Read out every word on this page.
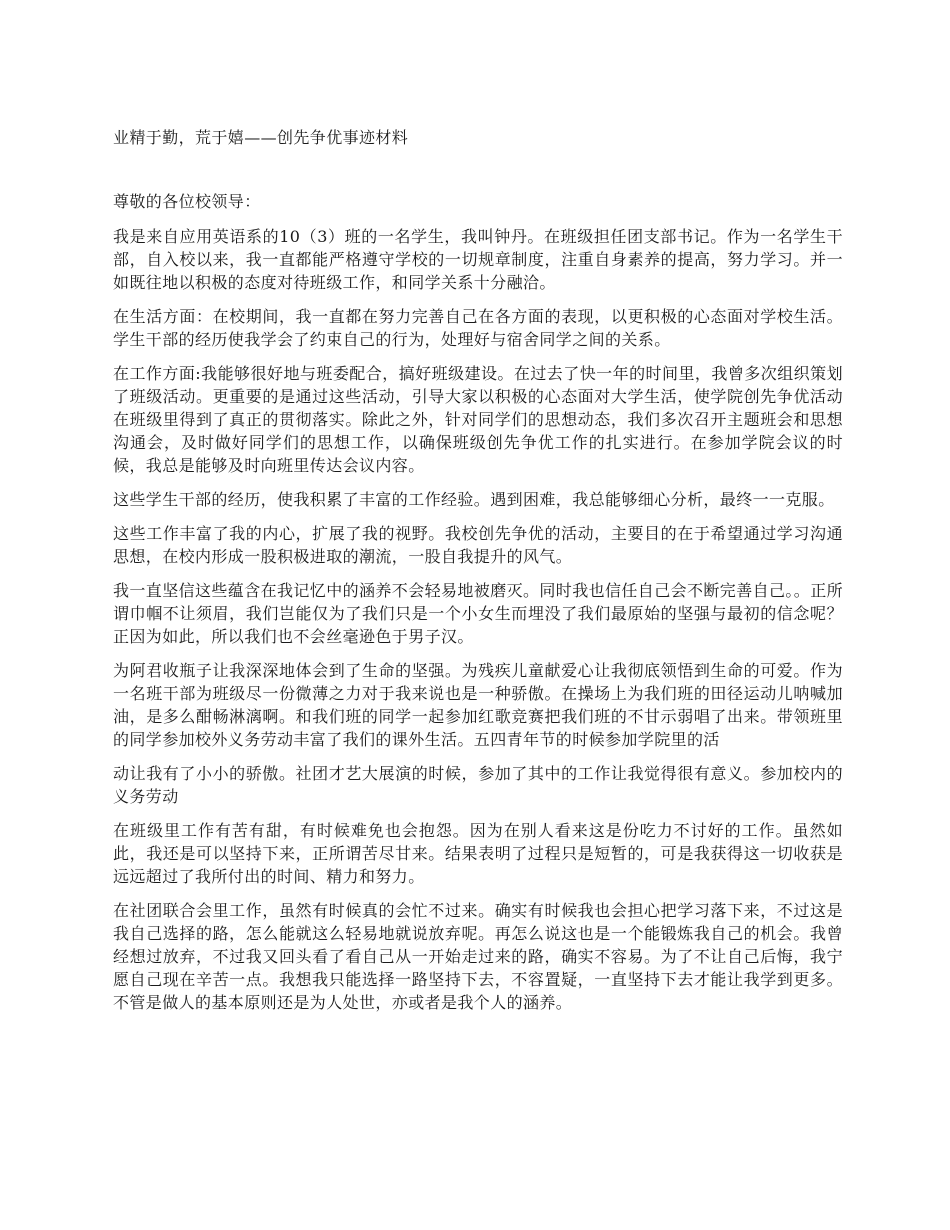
业精于勤，荒于嬉——创先争优事迹材料

尊敬的各位校领导：

我是来自应用英语系的10（3）班的一名学生，我叫钟丹。在班级担任团支部书记。作为一名学生干部，自入校以来，我一直都能严格遵守学校的一切规章制度，注重自身素养的提高，努力学习。并一如既往地以积极的态度对待班级工作，和同学关系十分融洽。

在生活方面：在校期间，我一直都在努力完善自己在各方面的表现，以更积极的心态面对学校生活。学生干部的经历使我学会了约束自己的行为，处理好与宿舍同学之间的关系。

在工作方面:我能够很好地与班委配合，搞好班级建设。在过去了快一年的时间里，我曾多次组织策划了班级活动。更重要的是通过这些活动，引导大家以积极的心态面对大学生活，使学院创先争优活动在班级里得到了真正的贯彻落实。除此之外，针对同学们的思想动态，我们多次召开主题班会和思想沟通会，及时做好同学们的思想工作，以确保班级创先争优工作的扎实进行。在参加学院会议的时候，我总是能够及时向班里传达会议内容。

这些学生干部的经历，使我积累了丰富的工作经验。遇到困难，我总能够细心分析，最终一一克服。

这些工作丰富了我的内心，扩展了我的视野。我校创先争优的活动，主要目的在于希望通过学习沟通思想，在校内形成一股积极进取的潮流，一股自我提升的风气。

我一直坚信这些蕴含在我记忆中的涵养不会轻易地被磨灭。同时我也信任自己会不断完善自己。。正所谓巾帼不让须眉，我们岂能仅为了我们只是一个小女生而埋没了我们最原始的坚强与最初的信念呢？正因为如此，所以我们也不会丝毫逊色于男子汉。

为阿君收瓶子让我深深地体会到了生命的坚强。为残疾儿童献爱心让我彻底领悟到生命的可爱。作为一名班干部为班级尽一份微薄之力对于我来说也是一种骄傲。在操场上为我们班的田径运动儿呐喊加油，是多么酣畅淋漓啊。和我们班的同学一起参加红歌竞赛把我们班的不甘示弱唱了出来。带领班里的同学参加校外义务劳动丰富了我们的课外生活。五四青年节的时候参加学院里的活

动让我有了小小的骄傲。社团才艺大展演的时候，参加了其中的工作让我觉得很有意义。参加校内的义务劳动

在班级里工作有苦有甜，有时候难免也会抱怨。因为在别人看来这是份吃力不讨好的工作。虽然如此，我还是可以坚持下来，正所谓苦尽甘来。结果表明了过程只是短暂的，可是我获得这一切收获是远远超过了我所付出的时间、精力和努力。

在社团联合会里工作，虽然有时候真的会忙不过来。确实有时候我也会担心把学习落下来，不过这是我自己选择的路，怎么能就这么轻易地就说放弃呢。再怎么说这也是一个能锻炼我自己的机会。我曾经想过放弃，不过我又回头看了看自己从一开始走过来的路，确实不容易。为了不让自己后悔，我宁愿自己现在辛苦一点。我想我只能选择一路坚持下去，不容置疑，一直坚持下去才能让我学到更多。不管是做人的基本原则还是为人处世，亦或者是我个人的涵养。
